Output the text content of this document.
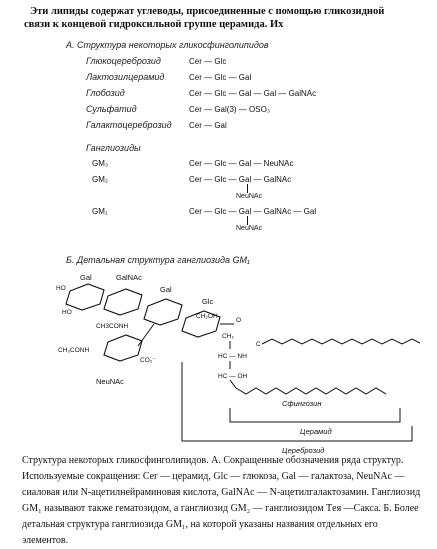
Эти липиды содержат углеводы, присоединенные с помощью гликозидной
связи к концевой гидроксильной группе церамида. Их
А. Структура некоторых гликосфинголипидов
Глюкоцереброзид	Cer — Glc
Лактозилцерамид	Cer — Glc — Gal
Глобозид	Cer — Glc — Gal — Gal — GalNAc
Сульфатид	Cer — Gal(3) — OSO₃
Галактоцереброзид Cer — Gal
Ганглиозиды
GM₃	Cer — Glc — Gal — NeuNAc
GM₂	Cer — Glc — Gal — GalNAc
NeuNAc
GM₁	Cer — Glc — Gal — GalNAc — Gal
NeuNAc
Б. Детальная структура ганглиозида GM₁
Gal
HO
HO
GalNAc
CH3CONH
Gal
Glc
CH₂OH
CH₃CONH
CO₂⁻
NeuNAc
O
CH₂
HC — NH
C
HC — OH
Сфингозин
Церамид
Цереброзид
Структура некоторых гликосфинголипидов. А. Сокращенные обозначения ряда структур. Используемые сокращения: Cer — церамид, Glc — глюкоза, Gal — галактоза, NeuNAc — сиаловая или N-ацетилнейраминовая кислота, GalNAc — N-ацетилгалактозамин. Ганглиозид GM₁ называют также гематозидом, а ганглиозид GM₂ — ганглиозидом Tея —Сакса. Б. Более детальная структура ганглиозида GM₁, на которой указаны названия отдельных его элементов.
